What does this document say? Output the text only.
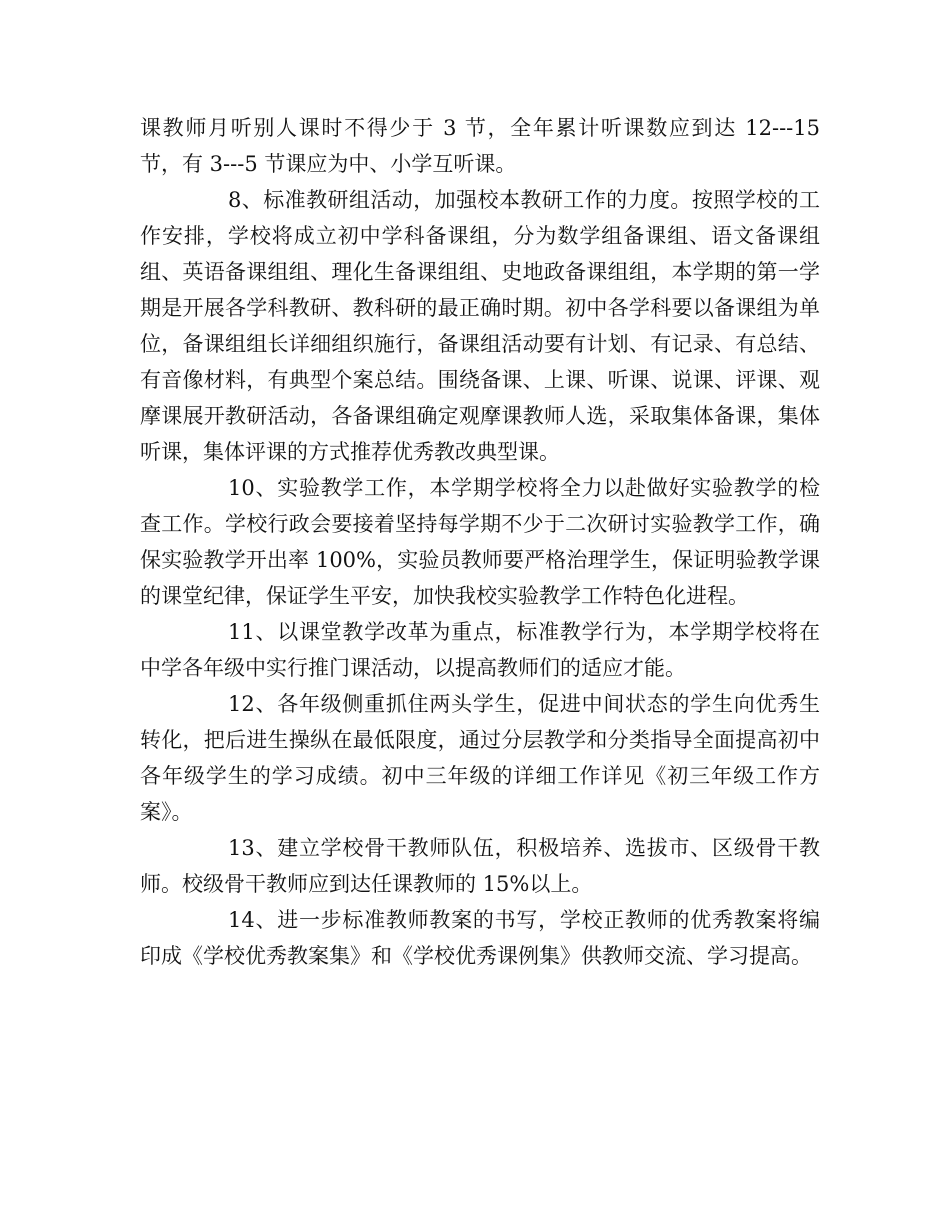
课教师月听别人课时不得少于 3 节，全年累计听课数应到达 12---15 节，有 3---5 节课应为中、小学互听课。

8、标准教研组活动，加强校本教研工作的力度。按照学校的工作安排，学校将成立初中学科备课组，分为数学组备课组、语文备课组组、英语备课组组、理化生备课组组、史地政备课组组，本学期的第一学期是开展各学科教研、教科研的最正确时期。初中各学科要以备课组为单位，备课组组长详细组织施行，备课组活动要有计划、有记录、有总结、有音像材料，有典型个案总结。围绕备课、上课、听课、说课、评课、观摩课展开教研活动，各备课组确定观摩课教师人选，采取集体备课，集体听课，集体评课的方式推荐优秀教改典型课。

10、实验教学工作，本学期学校将全力以赴做好实验教学的检查工作。学校行政会要接着坚持每学期不少于二次研讨实验教学工作，确保实验教学开出率 100%，实验员教师要严格治理学生，保证明验教学课的课堂纪律，保证学生平安，加快我校实验教学工作特色化进程。

11、以课堂教学改革为重点，标准教学行为，本学期学校将在中学各年级中实行推门课活动，以提高教师们的适应才能。

12、各年级侧重抓住两头学生，促进中间状态的学生向优秀生转化，把后进生操纵在最低限度，通过分层教学和分类指导全面提高初中各年级学生的学习成绩。初中三年级的详细工作详见《初三年级工作方案》。

13、建立学校骨干教师队伍，积极培养、选拔市、区级骨干教师。校级骨干教师应到达任课教师的 15%以上。

14、进一步标准教师教案的书写，学校正教师的优秀教案将编印成《学校优秀教案集》和《学校优秀课例集》供教师交流、学习提高。
